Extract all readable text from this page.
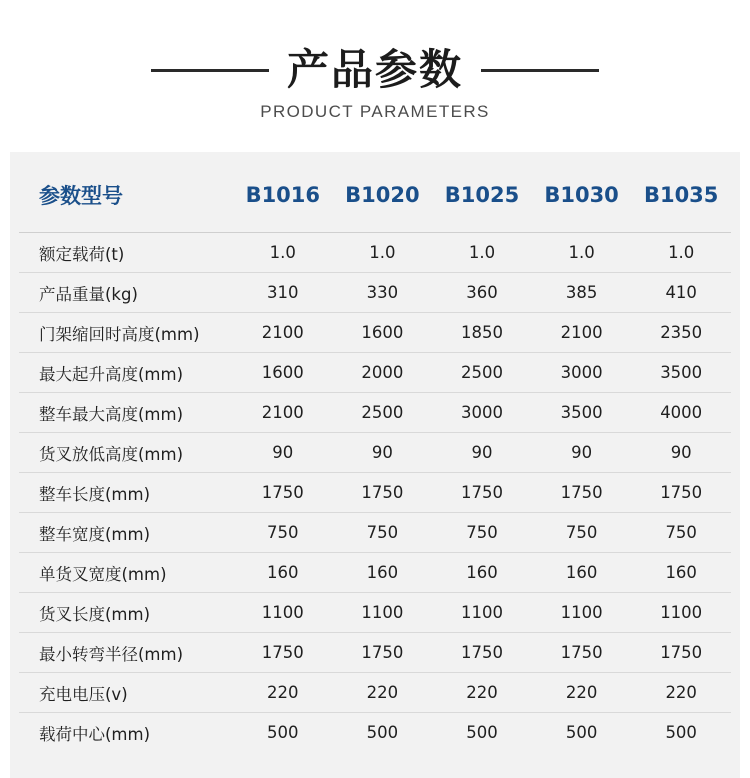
产品参数
PRODUCT PARAMETERS
参数型号	B1016	B1020	B1025	B1030	B1035
额定载荷(t)	1.0	1.0	1.0	1.0	1.0
产品重量(kg)	310	330	360	385	410
门架缩回时高度(mm)	2100	1600	1850	2100	2350
最大起升高度(mm)	1600	2000	2500	3000	3500
整车最大高度(mm)	2100	2500	3000	3500	4000
货叉放低高度(mm)	90	90	90	90	90
整车长度(mm)	1750	1750	1750	1750	1750
整车宽度(mm)	750	750	750	750	750
单货叉宽度(mm)	160	160	160	160	160
货叉长度(mm)	1100	1100	1100	1100	1100
最小转弯半径(mm)	1750	1750	1750	1750	1750
充电电压(v)	220	220	220	220	220
载荷中心(mm)	500	500	500	500	500
